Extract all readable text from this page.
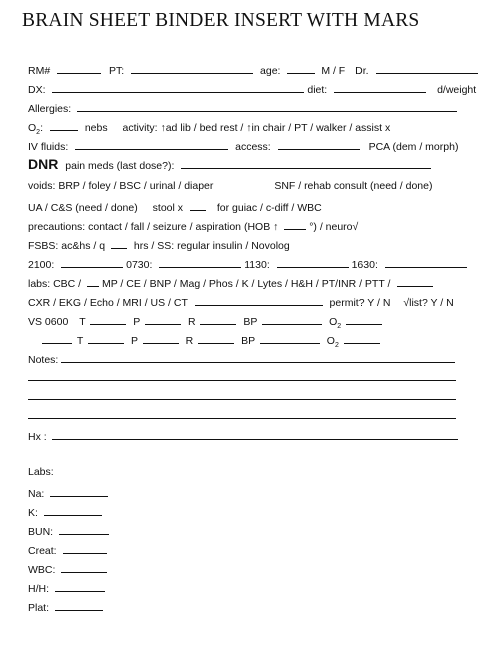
BRAIN SHEET BINDER INSERT WITH MARS
RM#	PT:	age:	M / F Dr.
DX:	diet:	d/weight
Allergies:
$O_2$:	nebs activity: ↑ad lib / bed rest / ↑in chair / PT / walker / assist x
IV fluids:	access:	PCA (dem / morph)
DNR pain meds (last dose?):
voids: BRP / foley / BSC / urinal / diaper	SNF / rehab consult (need / done)
UA / C&S (need / done) stool x	for guiac / c-diff / WBC
precautions: contact / fall / seizure / aspiration (HOB ↑	°) / neuro√
FSBS: ac&hs / q	hrs / SS: regular insulin / Novolog
2100:	0730:	1130:	1630:
labs: CBC / MP / CE / BNP / Mag / Phos / K / Lytes / H&H / PT/INR / PTT /
CXR / EKG / Echo / MRI / US / CT	permit? Y / N √list? Y / N
VS 0600 T	P	R	BP	$O_2$
T	P	R	BP	$O_2$
Notes:
Hx :
Labs:
Na:
K:
BUN:
Creat:
WBC:
H/H:
Plat:
